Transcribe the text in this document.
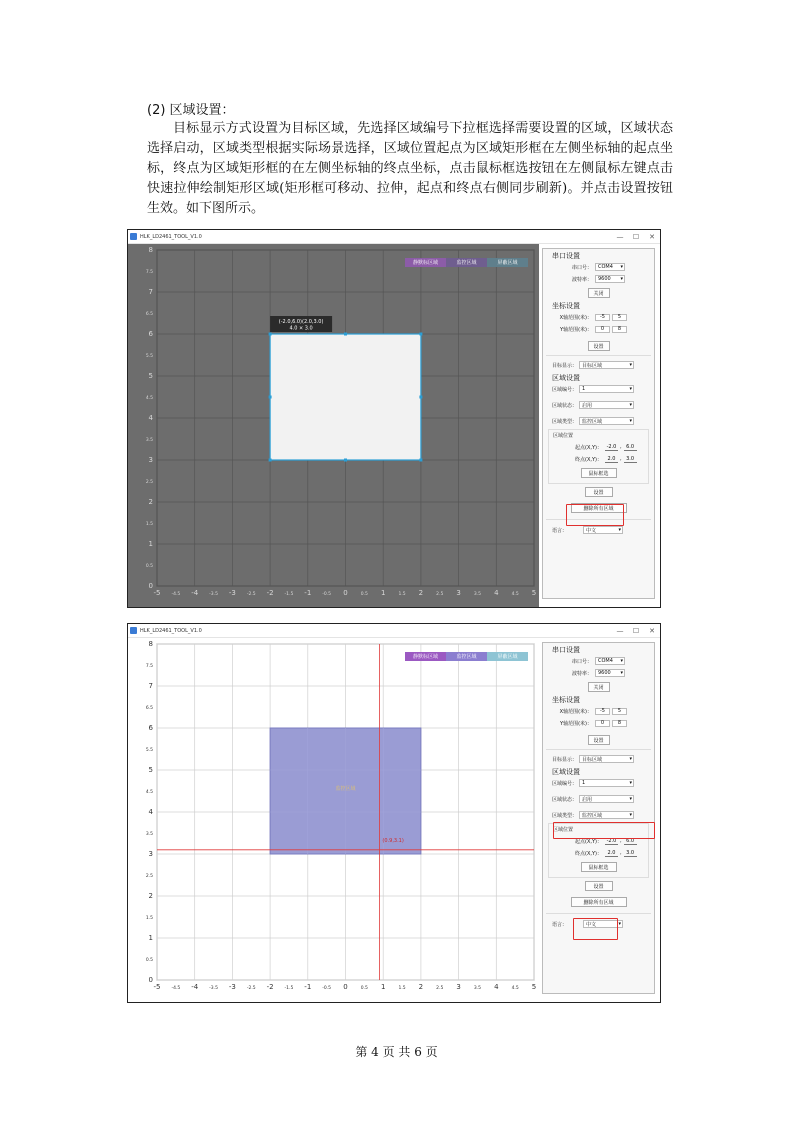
(2) 区域设置：
目标显示方式设置为目标区域，先选择区域编号下拉框选择需要设置的区域，区域状态选择启动，区域类型根据实际场景选择，区域位置起点为区域矩形框在左侧坐标轴的起点坐标，终点为区域矩形框的在左侧坐标轴的终点坐标，点击鼠标框选按钮在左侧鼠标左键点击快速拉伸绘制矩形区域(矩形框可移动、拉伸，起点和终点右侧同步刷新)。并点击设置按钮生效。如下图所示。
HLK_LD2461_TOOL_V1.0	—	☐	✕
-5 -4.5 -4 -3.5 -3 -2.5 -2 -1.5 -1 -0.5 0	0.5 1	1.5 2	2.5 3	3.5 4	4.5 5
0
0.5
1
1.5
2
2.5
3
3.5
4
4.5
5
5.5
6
6.5
7
7.5
8
(-2.0,6.0)(2.0,3.0)
4.0 × 3.0
静默标区域	监控区域	屏蔽区域
串口设置
串口号：	COM4 ▾
波特率：	9600 ▾
关闭
坐标设置
X轴范围(米)：	-5	5
Y轴范围(米)：	0	8
设置
目标显示： 目标区域	▾
区域设置
区域编号： 1	▾
区域状态： 启用	▾
区域类型： 监控区域	▾
区域位置
起点(X,Y)： -2.0 , 6.0
终点(X,Y)：	2.0 , 3.0
鼠标框选
设置
删除所有区域
语言：	中文	▾
HLK_LD2461_TOOL_V1.0	—	☐	✕
-5 -4.5 -4 -3.5 -3 -2.5 -2 -1.5 -1 -0.5 0	0.5 1	1.5 2	2.5 3	3.5 4	4.5 5
0
0.5
1
1.5
2
2.5
3
3.5
4
4.5
5
5.5
6
6.5
7
7.5
8
监控区域
(0.9,3.1)
静默标区域	监控区域	屏蔽区域
串口设置
串口号：	COM4 ▾
波特率：	9600 ▾
关闭
坐标设置
X轴范围(米)：	-5	5
Y轴范围(米)：	0	8
设置
目标显示： 目标区域	▾
区域设置
区域编号： 1	▾
区域状态： 启用	▾
区域类型： 监控区域	▾
区域位置
起点(X,Y)： -2.0 , 6.0
终点(X,Y)：	2.0 , 3.0
鼠标框选
设置
删除所有区域
语言：	中文	▾
第 4 页 共 6 页
